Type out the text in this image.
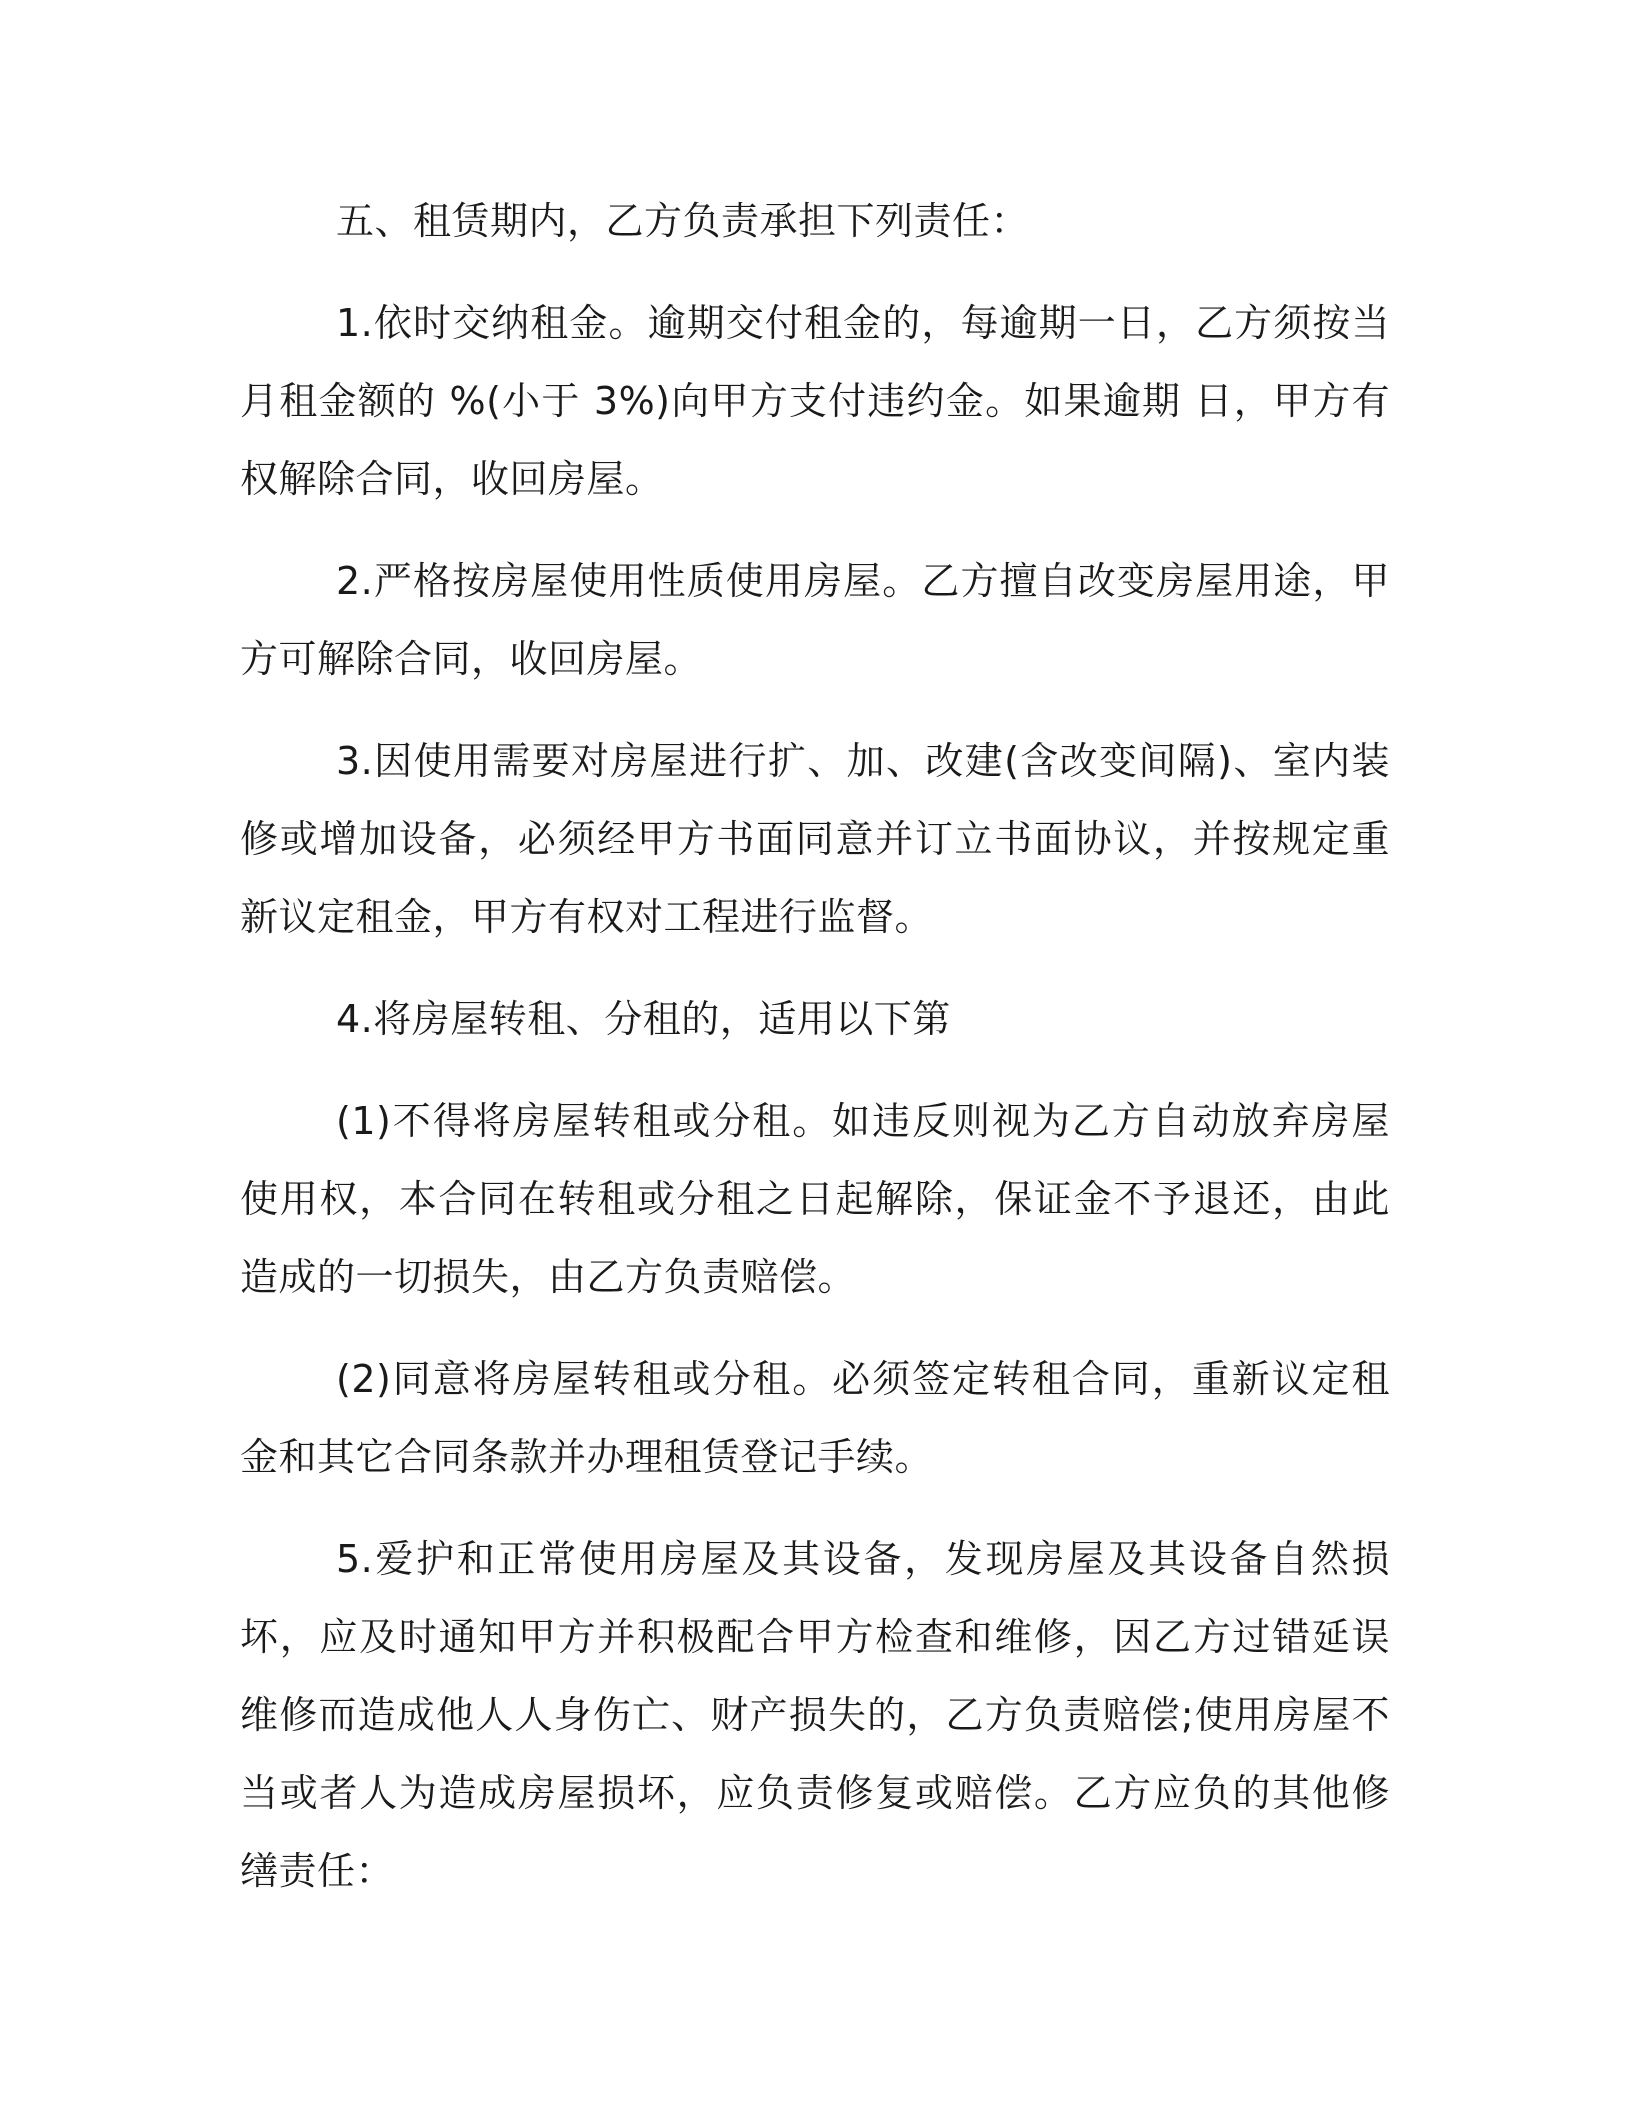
五、租赁期内，乙方负责承担下列责任：

1.依时交纳租金。逾期交付租金的，每逾期一日，乙方须按当月租金额的 %(小于 3%)向甲方支付违约金。如果逾期 日，甲方有权解除合同，收回房屋。

2.严格按房屋使用性质使用房屋。乙方擅自改变房屋用途，甲方可解除合同，收回房屋。

3.因使用需要对房屋进行扩、加、改建(含改变间隔)、室内装修或增加设备，必须经甲方书面同意并订立书面协议，并按规定重新议定租金，甲方有权对工程进行监督。

4.将房屋转租、分租的，适用以下第

(1)不得将房屋转租或分租。如违反则视为乙方自动放弃房屋使用权，本合同在转租或分租之日起解除，保证金不予退还，由此造成的一切损失，由乙方负责赔偿。

(2)同意将房屋转租或分租。必须签定转租合同，重新议定租金和其它合同条款并办理租赁登记手续。

5.爱护和正常使用房屋及其设备，发现房屋及其设备自然损坏，应及时通知甲方并积极配合甲方检查和维修，因乙方过错延误维修而造成他人人身伤亡、财产损失的，乙方负责赔偿;使用房屋不当或者人为造成房屋损坏，应负责修复或赔偿。乙方应负的其他修缮责任：
